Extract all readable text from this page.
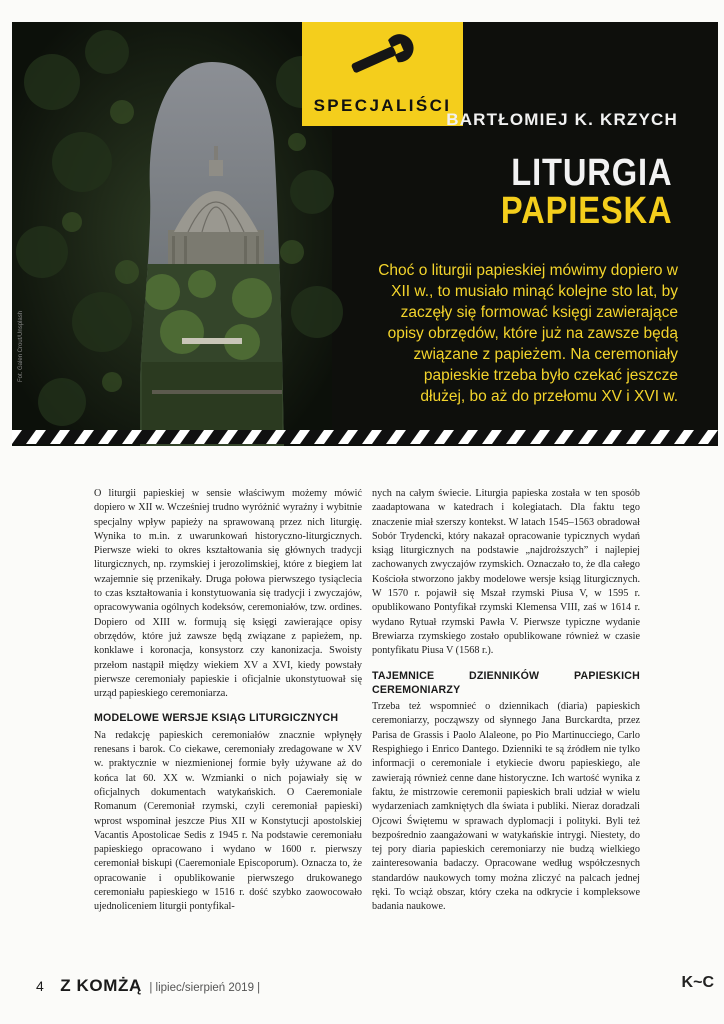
SPECJALIŚCI
BARTŁOMIEJ K. KRZYCH
LITURGIA
PAPIESKA
Choć o liturgii papieskiej mówimy dopiero w XII w., to musiało minąć kolejne sto lat, by zaczęły się formować księgi zawierające opisy obrzędów, które już na zawsze będą związane z papieżem. Na ceremoniały papieskie trzeba było czekać jeszcze dłużej, bo aż do przełomu XV i XVI w.
Fot. Galen Crout/Unsplash

O liturgii papieskiej w sensie właściwym możemy mówić dopiero w XII w. Wcześniej trudno wyróżnić wyraźny i wybitnie specjalny wpływ papieży na sprawowaną przez nich liturgię. Wynika to m.in. z uwarunkowań historyczno-liturgicznych. Pierwsze wieki to okres kształtowania się głównych tradycji liturgicznych, np. rzymskiej i jerozolimskiej, które z biegiem lat wzajemnie się przenikały. Druga połowa pierwszego tysiąclecia to czas kształtowania i konstytuowania się tradycji i zwyczajów, opracowywania ogólnych kodeksów, ceremoniałów, tzw. ordines. Dopiero od XIII w. formują się księgi zawierające opisy obrzędów, które już zawsze będą związane z papieżem, np. konklawe i koronacja, konsystorz czy kanonizacja. Swoisty przełom nastąpił między wiekiem XV a XVI, kiedy powstały pierwsze ceremoniały papieskie i oficjalnie ukonstytuował się urząd papieskiego ceremoniarza.

MODELOWE WERSJE KSIĄG LITURGICZNYCH

Na redakcję papieskich ceremoniałów znacznie wpłynęły renesans i barok. Co ciekawe, ceremoniały zredagowane w XV w. praktycznie w niezmienionej formie były używane aż do końca lat 60. XX w. Wzmianki o nich pojawiały się w oficjalnych dokumentach watykańskich. O Caeremoniale Romanum (Ceremoniał rzymski, czyli ceremoniał papieski) wprost wspominał jeszcze Pius XII w Konstytucji apostolskiej Vacantis Apostolicae Sedis z 1945 r. Na podstawie ceremoniału papieskiego opracowano i wydano w 1600 r. pierwszy ceremoniał biskupi (Caeremoniale Episcoporum). Oznacza to, że opracowanie i opublikowanie pierwszego drukowanego ceremoniału papieskiego w 1516 r. dość szybko zaowocowało ujednoliceniem liturgii pontyfikal-

nych na całym świecie. Liturgia papieska została w ten sposób zaadaptowana w katedrach i kolegiatach. Dla faktu tego znaczenie miał szerszy kontekst. W latach 1545–1563 obradował Sobór Trydencki, który nakazał opracowanie typicznych wydań ksiąg liturgicznych na podstawie „najdroższych” i najlepiej zachowanych zwyczajów rzymskich. Oznaczało to, że dla całego Kościoła stworzono jakby modelowe wersje ksiąg liturgicznych. W 1570 r. pojawił się Mszał rzymski Piusa V, w 1595 r. opublikowano Pontyfikał rzymski Klemensa VIII, zaś w 1614 r. wydano Rytuał rzymski Pawła V. Pierwsze typiczne wydanie Brewiarza rzymskiego zostało opublikowane również w czasie pontyfikatu Piusa V (1568 r.).

TAJEMNICE DZIENNIKÓW PAPIESKICH CEREMONIARZY

Trzeba też wspomnieć o dziennikach (diaria) papieskich ceremoniarzy, począwszy od słynnego Jana Burckardta, przez Parisa de Grassis i Paolo Alaleone, po Pio Martinucciego, Carlo Respighiego i Enrico Dantego. Dzienniki te są źródłem nie tylko informacji o ceremoniale i etykiecie dworu papieskiego, ale zawierają również cenne dane historyczne. Ich wartość wynika z faktu, że mistrzowie ceremonii papieskich brali udział w wielu wydarzeniach zamkniętych dla świata i publiki. Nieraz doradzali Ojcowi Świętemu w sprawach dyplomacji i polityki. Byli też bezpośrednio zaangażowani w watykańskie intrygi. Niestety, do tej pory diaria papieskich ceremoniarzy nie budzą wielkiego zainteresowania badaczy. Opracowane według współczesnych standardów naukowych tomy można zliczyć na palcach jednej ręki. To wciąż obszar, który czeka na odkrycie i kompleksowe badania naukowe.

4 Z KOMŻĄ | lipiec/sierpień 2019 |	K~C
